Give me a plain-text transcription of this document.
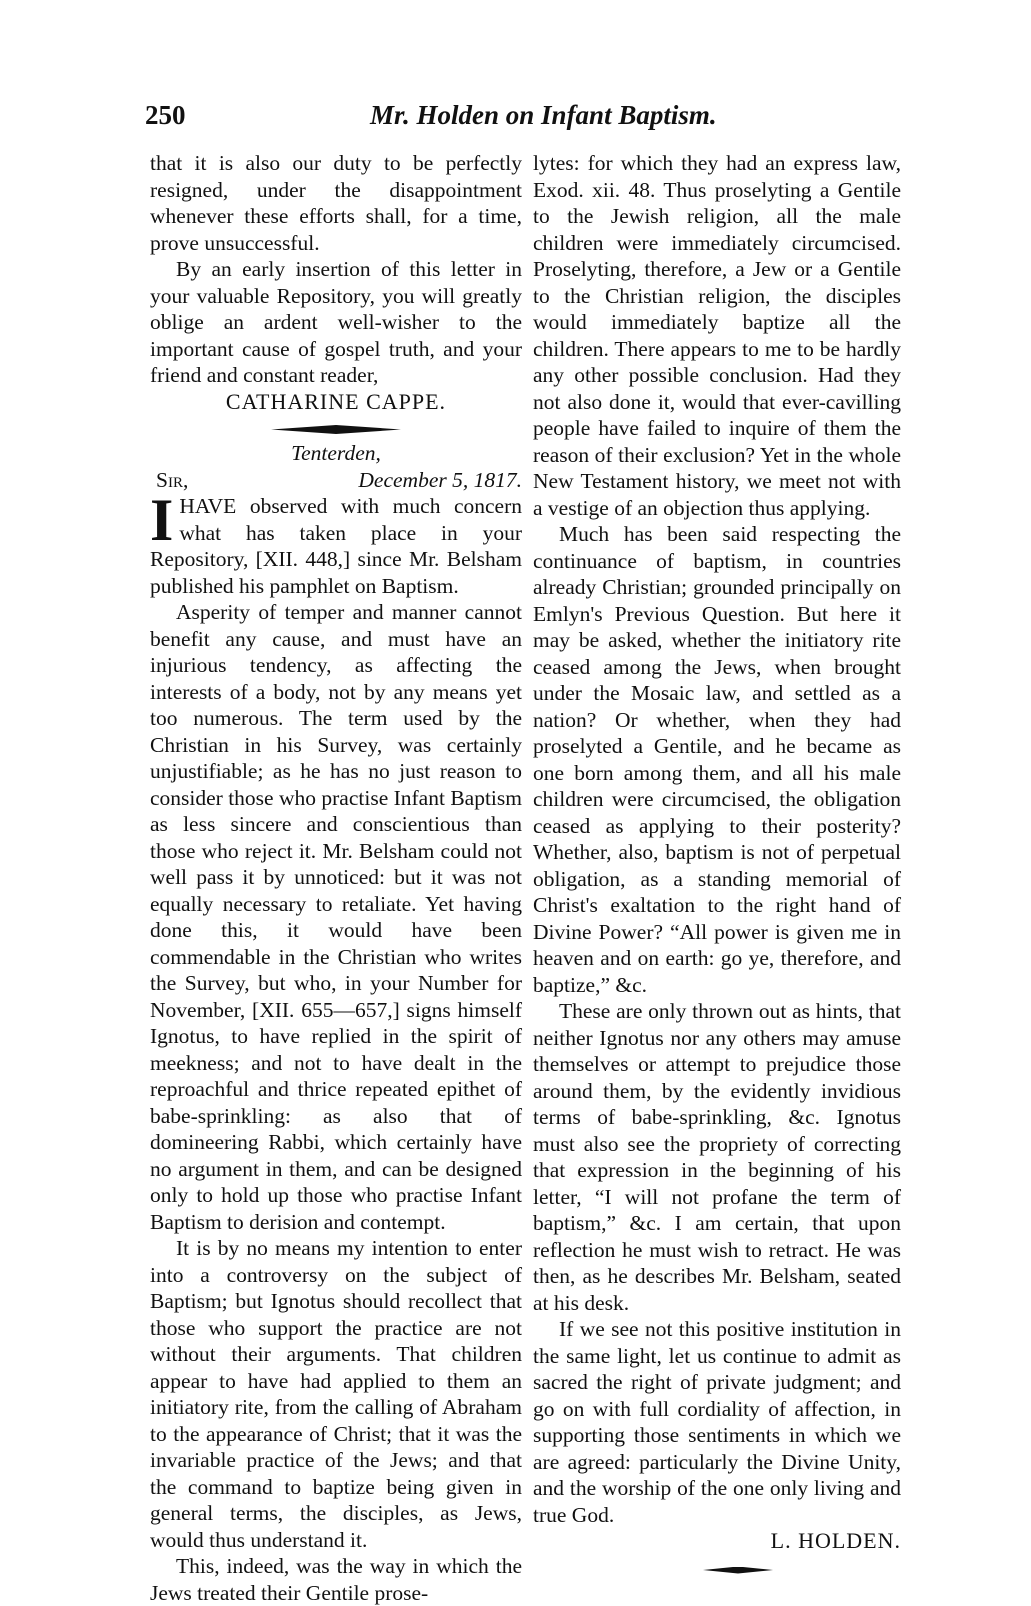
250	Mr. Holden on Infant Baptism.

that it is also our duty to be perfectly resigned, under the disappointment whenever these efforts shall, for a time, prove unsuccessful.

By an early insertion of this letter in your valuable Repository, you will greatly oblige an ardent well-wisher to the important cause of gospel truth, and your friend and constant reader,

CATHARINE CAPPE.

Tenterden,

Sir,	December 5, 1817.

I HAVE observed with much concern what has taken place in your Repository, [XII. 448,] since Mr. Belsham published his pamphlet on Baptism.

Asperity of temper and manner cannot benefit any cause, and must have an injurious tendency, as affecting the interests of a body, not by any means yet too numerous. The term used by the Christian in his Survey, was certainly unjustifiable; as he has no just reason to consider those who practise Infant Baptism as less sincere and conscientious than those who reject it. Mr. Belsham could not well pass it by unnoticed: but it was not equally necessary to retaliate. Yet having done this, it would have been commendable in the Christian who writes the Survey, but who, in your Number for November, [XII. 655—657,] signs himself Ignotus, to have replied in the spirit of meekness; and not to have dealt in the reproachful and thrice repeated epithet of babe-sprinkling: as also that of domineering Rabbi, which certainly have no argument in them, and can be designed only to hold up those who practise Infant Baptism to derision and contempt.

It is by no means my intention to enter into a controversy on the subject of Baptism; but Ignotus should recollect that those who support the practice are not without their arguments. That children appear to have had applied to them an initiatory rite, from the calling of Abraham to the appearance of Christ; that it was the invariable practice of the Jews; and that the command to baptize being given in general terms, the disciples, as Jews, would thus understand it.

This, indeed, was the way in which the Jews treated their Gentile prose-

lytes: for which they had an express law, Exod. xii. 48. Thus proselyting a Gentile to the Jewish religion, all the male children were immediately circumcised. Proselyting, therefore, a Jew or a Gentile to the Christian religion, the disciples would immediately baptize all the children. There appears to me to be hardly any other possible conclusion. Had they not also done it, would that ever-cavilling people have failed to inquire of them the reason of their exclusion? Yet in the whole New Testament history, we meet not with a vestige of an objection thus applying.

Much has been said respecting the continuance of baptism, in countries already Christian; grounded principally on Emlyn's Previous Question. But here it may be asked, whether the initiatory rite ceased among the Jews, when brought under the Mosaic law, and settled as a nation? Or whether, when they had proselyted a Gentile, and he became as one born among them, and all his male children were circumcised, the obligation ceased as applying to their posterity? Whether, also, baptism is not of perpetual obligation, as a standing memorial of Christ's exaltation to the right hand of Divine Power? “All power is given me in heaven and on earth: go ye, therefore, and baptize,” &c.

These are only thrown out as hints, that neither Ignotus nor any others may amuse themselves or attempt to prejudice those around them, by the evidently invidious terms of babe-sprinkling, &c. Ignotus must also see the propriety of correcting that expression in the beginning of his letter, “I will not profane the term of baptism,” &c. I am certain, that upon reflection he must wish to retract. He was then, as he describes Mr. Belsham, seated at his desk.

If we see not this positive institution in the same light, let us continue to admit as sacred the right of private judgment; and go on with full cordiality of affection, in supporting those sentiments in which we are agreed: particularly the Divine Unity, and the worship of the one only living and true God.

L. HOLDEN.
